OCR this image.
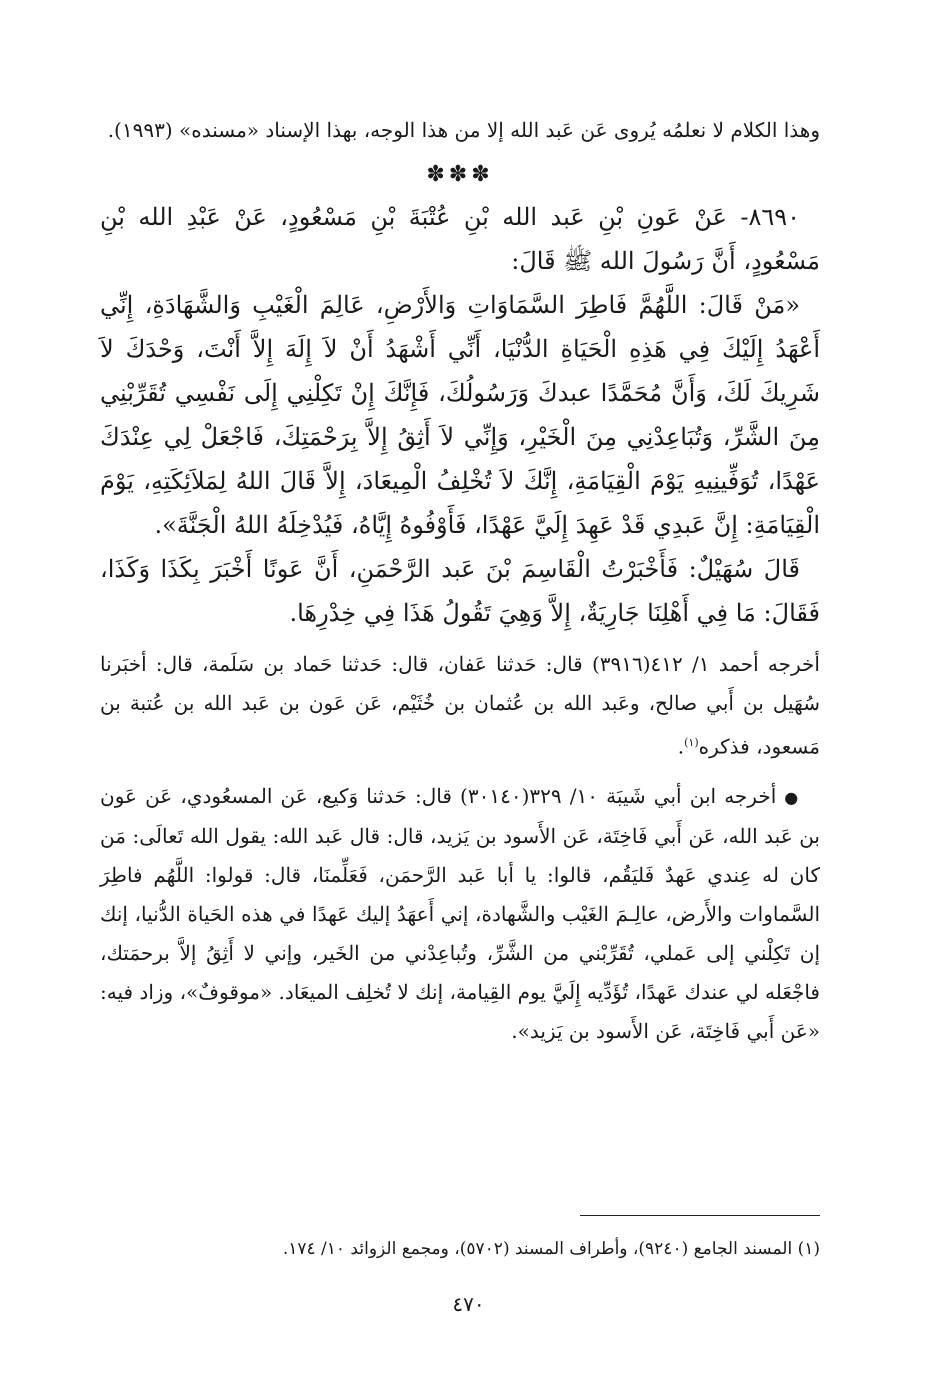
وهذا الكلام لا نعلمُه يُروى عَن عَبد الله إلا من هذا الوجه، بهذا الإسناد «مسنده» (١٩٩٣).

✽✽✽

٨٦٩٠- عَنْ عَونِ بْنِ عَبد الله بْنِ عُتْبَةَ بْنِ مَسْعُودٍ، عَنْ عَبْدِ الله بْنِ مَسْعُودٍ، أَنَّ رَسُولَ الله ﷺ قَالَ:

«مَنْ قَالَ: اللَّهُمَّ فَاطِرَ السَّمَاوَاتِ وَالأَرْضِ، عَالِمَ الْغَيْبِ وَالشَّهَادَةِ، إِنِّي أَعْهَدُ إِلَيْكَ فِي هَذِهِ الْحَيَاةِ الدُّنْيَا، أَنِّي أَشْهَدُ أَنْ لاَ إِلَهَ إِلاَّ أَنْتَ، وَحْدَكَ لاَ شَرِيكَ لَكَ، وَأَنَّ مُحَمَّدًا عبدكَ وَرَسُولُكَ، فَإِنَّكَ إِنْ تَكِلْنِي إِلَى نَفْسِي تُقَرِّبْنِي مِنَ الشَّرِّ، وَتُبَاعِدْنِي مِنَ الْخَيْرِ، وَإِنِّي لاَ أَثِقُ إِلاَّ بِرَحْمَتِكَ، فَاجْعَلْ لِي عِنْدَكَ عَهْدًا، تُوَفِّينِيهِ يَوْمَ الْقِيَامَةِ، إِنَّكَ لاَ تُخْلِفُ الْمِيعَادَ، إِلاَّ قَالَ اللهُ لِمَلاَئِكَتِهِ، يَوْمَ الْقِيَامَةِ: إِنَّ عَبدِي قَدْ عَهِدَ إِلَيَّ عَهْدًا، فَأَوْفُوهُ إِيَّاهُ، فَيُدْخِلَهُ اللهُ الْجَنَّةَ».

قَالَ سُهَيْلٌ: فَأَخْبَرْتُ الْقَاسِمَ بْنَ عَبد الرَّحْمَنِ، أَنَّ عَونًا أَخْبَرَ بِكَذَا وَكَذَا، فَقَالَ: مَا فِي أَهْلِنَا جَارِيَةٌ، إِلاَّ وَهِيَ تَقُولُ هَذَا فِي خِدْرِهَا.

أخرجه أحمد ١/ ٤١٢(٣٩١٦) قال: حَدثنا عَفان، قال: حَدثنا حَماد بن سَلَمة، قال: أخبَرنا سُهَيل بن أَبي صالح، وعَبد الله بن عُثمان بن خُثَيْم، عَن عَون بن عَبد الله بن عُتبة بن مَسعود، فذكره$^{(١)}$.

●أخرجه ابن أبي شَيبَة ١٠/ ٣٢٩(٣٠١٤٠) قال: حَدثنا وَكيع، عَن المسعُودي، عَن عَون بن عَبد الله، عَن أَبي فَاخِتَة، عَن الأَسود بن يَزيد، قال: قال عَبد الله: يقول الله تَعالَى: مَن كان له عِندي عَهدٌ فَليَقُم، قالوا: يا أبا عَبد الرَّحمَن، فَعَلِّمنَا، قال: قولوا: اللَّهُم فاطِرَ السَّماوات والأَرض، عالِـمَ الغَيْب والشَّهادة، إني أَعهَدُ إليك عَهدًا في هذه الحَياة الدُّنيا، إنك إن تَكِلْني إلى عَملي، تُقَرِّبْني من الشَّرِّ، وتُباعِدْني من الخَير، وإني لا أَثِقُ إلاَّ برحمَتك، فاجْعَله لي عندك عَهدًا، تُؤَدِّيه إِلَيَّ يوم القِيامة، إنك لا تُخلِف الميعَاد. «موقوفٌ»، وزاد فيه: «عَن أَبي فَاخِتَة، عَن الأَسود بن يَزيد».

(١) المسند الجامع (٩٢٤٠)، وأطراف المسند (٥٧٠٢)، ومجمع الزوائد ١٠/ ١٧٤.

٤٧٠
